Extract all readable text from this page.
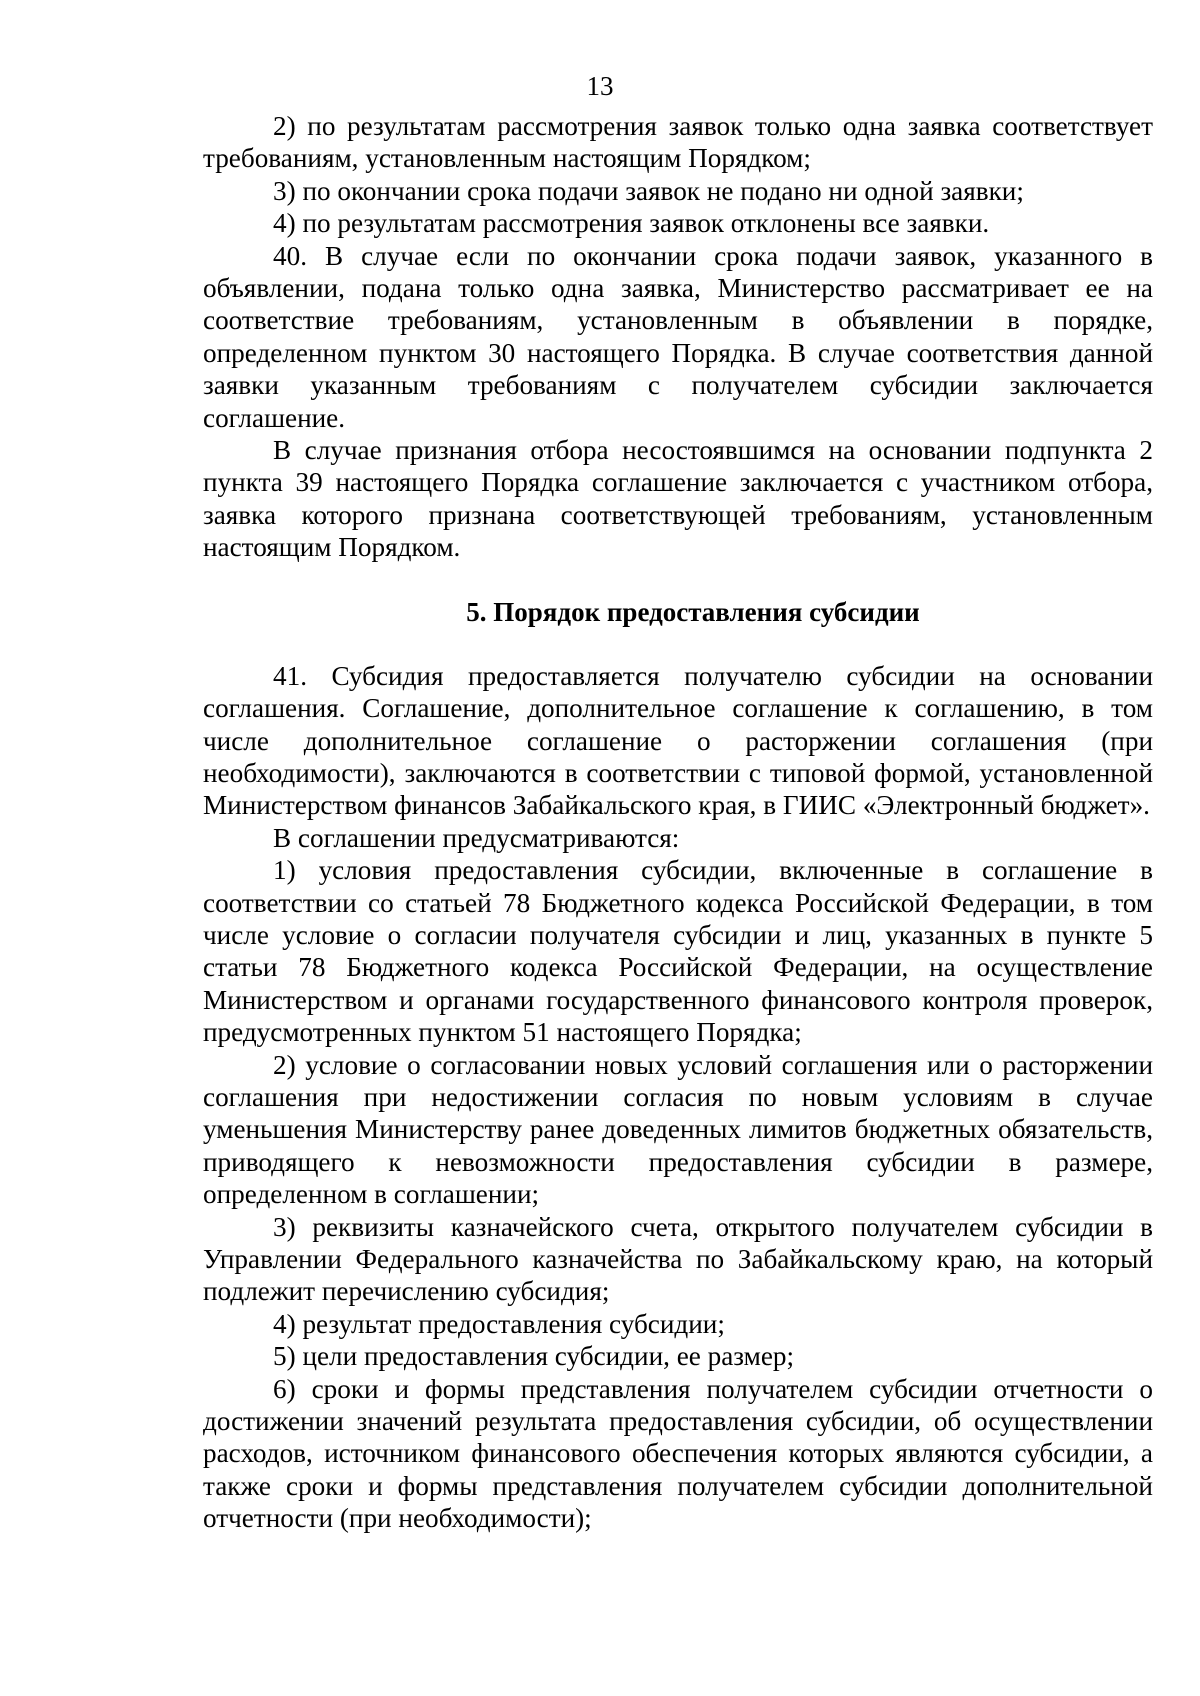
13

2) по результатам рассмотрения заявок только одна заявка соответствует требованиям, установленным настоящим Порядком;

3) по окончании срока подачи заявок не подано ни одной заявки;

4) по результатам рассмотрения заявок отклонены все заявки.

40. В случае если по окончании срока подачи заявок, указанного в объявлении, подана только одна заявка, Министерство рассматривает ее на соответствие требованиям, установленным в объявлении в порядке, определенном пунктом 30 настоящего Порядка. В случае соответствия данной заявки указанным требованиям с получателем субсидии заключается соглашение.

В случае признания отбора несостоявшимся на основании подпункта 2 пункта 39 настоящего Порядка соглашение заключается с участником отбора, заявка которого признана соответствующей требованиям, установленным настоящим Порядком.

5. Порядок предоставления субсидии

41. Субсидия предоставляется получателю субсидии на основании соглашения. Соглашение, дополнительное соглашение к соглашению, в том числе дополнительное соглашение о расторжении соглашения (при необходимости), заключаются в соответствии с типовой формой, установленной Министерством финансов Забайкальского края, в ГИИС «Электронный бюджет».

В соглашении предусматриваются:

1) условия предоставления субсидии, включенные в соглашение в соответствии со статьей 78 Бюджетного кодекса Российской Федерации, в том числе условие о согласии получателя субсидии и лиц, указанных в пункте 5 статьи 78 Бюджетного кодекса Российской Федерации, на осуществление Министерством и органами государственного финансового контроля проверок, предусмотренных пунктом 51 настоящего Порядка;

2) условие о согласовании новых условий соглашения или о расторжении соглашения при недостижении согласия по новым условиям в случае уменьшения Министерству ранее доведенных лимитов бюджетных обязательств, приводящего к невозможности предоставления субсидии в размере, определенном в соглашении;

3) реквизиты казначейского счета, открытого получателем субсидии в Управлении Федерального казначейства по Забайкальскому краю, на который подлежит перечислению субсидия;

4) результат предоставления субсидии;

5) цели предоставления субсидии, ее размер;

6) сроки и формы представления получателем субсидии отчетности о достижении значений результата предоставления субсидии, об осуществлении расходов, источником финансового обеспечения которых являются субсидии, а также сроки и формы представления получателем субсидии дополнительной отчетности (при необходимости);
